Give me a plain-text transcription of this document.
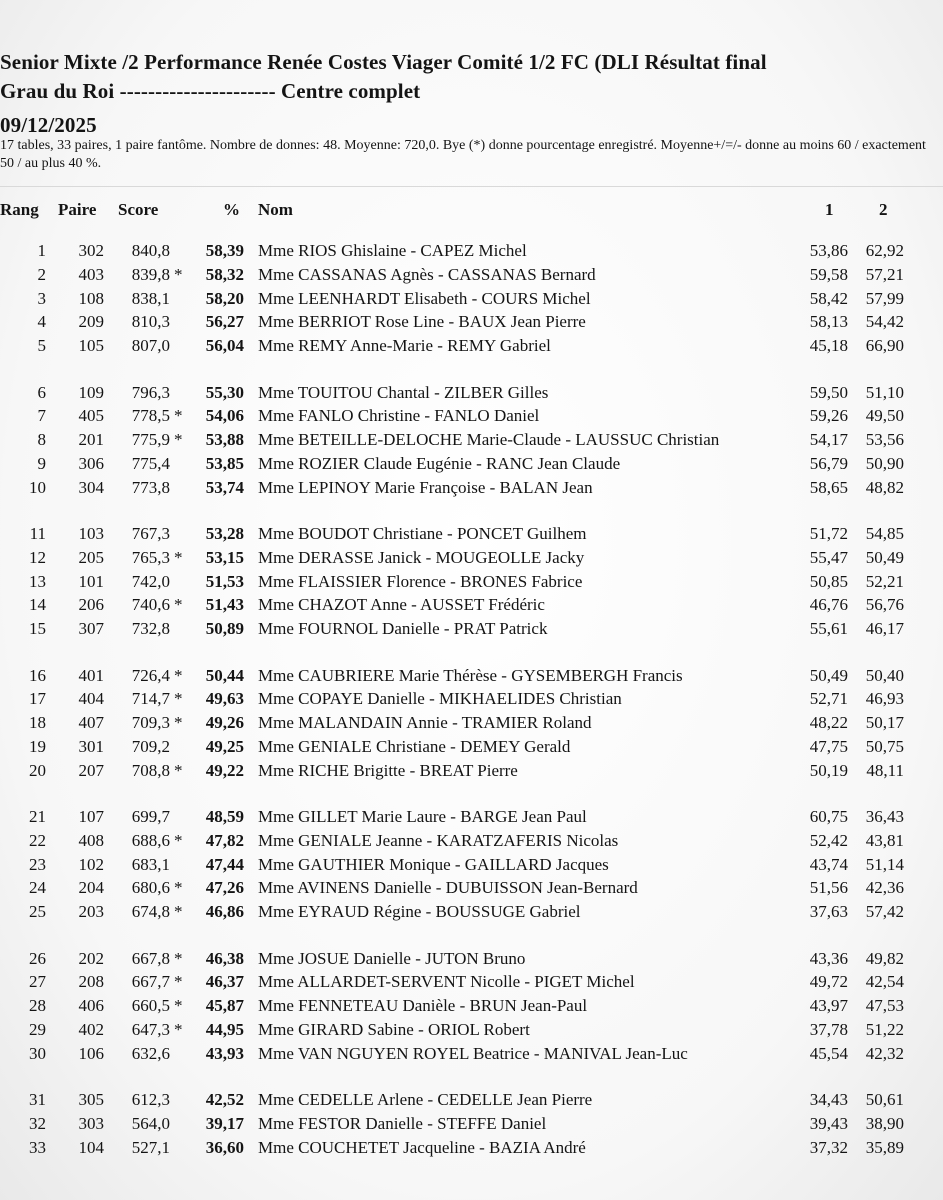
Senior Mixte /2 Performance Renée Costes Viager Comité 1/2 FC (DLI Résultat final
Grau du Roi ---------------------- Centre complet
09/12/2025
17 tables, 33 paires, 1 paire fantôme. Nombre de donnes: 48. Moyenne: 720,0. Bye (*) donne pourcentage enregistré. Moyenne+/=/- donne au moins 60 / exactement 50 / au plus 40 %.
Rang Paire Score	% Nom	1	2
1	302	840,8	58,39 Mme RIOS Ghislaine - CAPEZ Michel	53,86	62,92
2	403	839,8 *	58,32 Mme CASSANAS Agnès - CASSANAS Bernard	59,58	57,21
3	108	838,1	58,20 Mme LEENHARDT Elisabeth - COURS Michel	58,42	57,99
4	209	810,3	56,27 Mme BERRIOT Rose Line - BAUX Jean Pierre	58,13	54,42
5	105	807,0	56,04 Mme REMY Anne-Marie - REMY Gabriel	45,18	66,90
6	109	796,3	55,30 Mme TOUITOU Chantal - ZILBER Gilles	59,50	51,10
7	405	778,5 *	54,06 Mme FANLO Christine - FANLO Daniel	59,26	49,50
8	201	775,9 *	53,88 Mme BETEILLE-DELOCHE Marie-Claude - LAUSSUC Christian	54,17	53,56
9	306	775,4	53,85 Mme ROZIER Claude Eugénie - RANC Jean Claude	56,79	50,90
10	304	773,8	53,74 Mme LEPINOY Marie Françoise - BALAN Jean	58,65	48,82
11	103	767,3	53,28 Mme BOUDOT Christiane - PONCET Guilhem	51,72	54,85
12	205	765,3 *	53,15 Mme DERASSE Janick - MOUGEOLLE Jacky	55,47	50,49
13	101	742,0	51,53 Mme FLAISSIER Florence - BRONES Fabrice	50,85	52,21
14	206	740,6 *	51,43 Mme CHAZOT Anne - AUSSET Frédéric	46,76	56,76
15	307	732,8	50,89 Mme FOURNOL Danielle - PRAT Patrick	55,61	46,17
16	401	726,4 *	50,44 Mme CAUBRIERE Marie Thérèse - GYSEMBERGH Francis	50,49	50,40
17	404	714,7 *	49,63 Mme COPAYE Danielle - MIKHAELIDES Christian	52,71	46,93
18	407	709,3 *	49,26 Mme MALANDAIN Annie - TRAMIER Roland	48,22	50,17
19	301	709,2	49,25 Mme GENIALE Christiane - DEMEY Gerald	47,75	50,75
20	207	708,8 *	49,22 Mme RICHE Brigitte - BREAT Pierre	50,19	48,11
21	107	699,7	48,59 Mme GILLET Marie Laure - BARGE Jean Paul	60,75	36,43
22	408	688,6 *	47,82 Mme GENIALE Jeanne - KARATZAFERIS Nicolas	52,42	43,81
23	102	683,1	47,44 Mme GAUTHIER Monique - GAILLARD Jacques	43,74	51,14
24	204	680,6 *	47,26 Mme AVINENS Danielle - DUBUISSON Jean-Bernard	51,56	42,36
25	203	674,8 *	46,86 Mme EYRAUD Régine - BOUSSUGE Gabriel	37,63	57,42
26	202	667,8 *	46,38 Mme JOSUE Danielle - JUTON Bruno	43,36	49,82
27	208	667,7 *	46,37 Mme ALLARDET-SERVENT Nicolle - PIGET Michel	49,72	42,54
28	406	660,5 *	45,87 Mme FENNETEAU Danièle - BRUN Jean-Paul	43,97	47,53
29	402	647,3 *	44,95 Mme GIRARD Sabine - ORIOL Robert	37,78	51,22
30	106	632,6	43,93 Mme VAN NGUYEN ROYEL Beatrice - MANIVAL Jean-Luc	45,54	42,32
31	305	612,3	42,52 Mme CEDELLE Arlene - CEDELLE Jean Pierre	34,43	50,61
32	303	564,0	39,17 Mme FESTOR Danielle - STEFFE Daniel	39,43	38,90
33	104	527,1	36,60 Mme COUCHETET Jacqueline - BAZIA André	37,32	35,89
